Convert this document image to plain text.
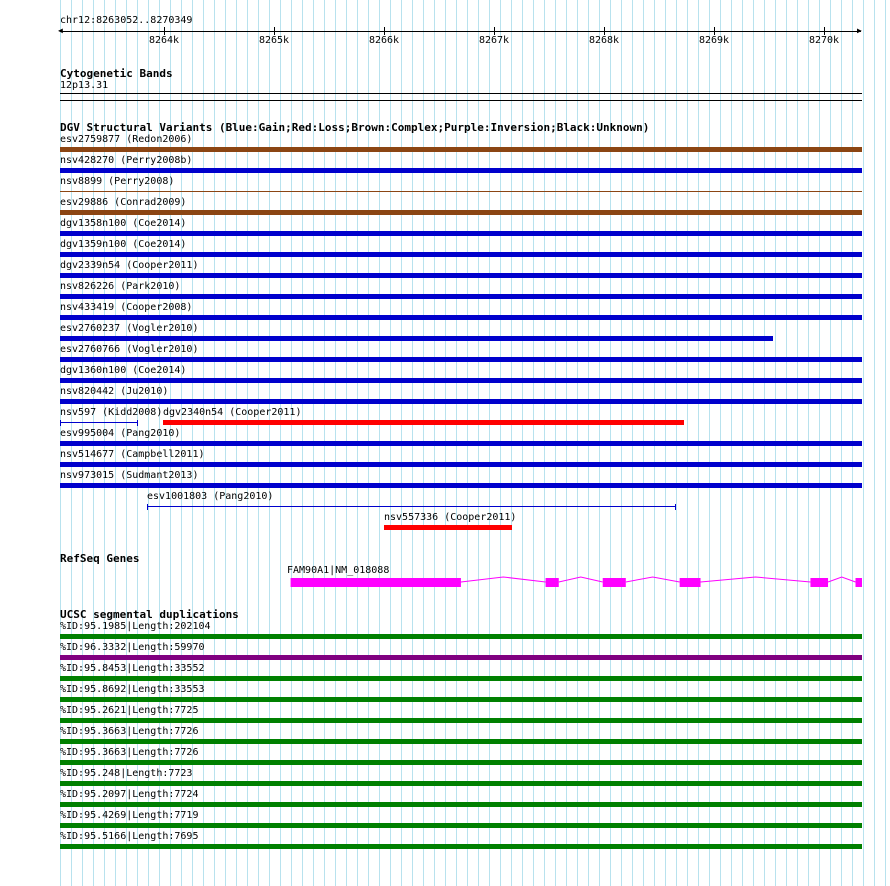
chr12:8263052..8270349
◀	▶
8264k	8265k	8266k	8267k	8268k	8269k	8270k
Cytogenetic Bands
12p13.31
DGV Structural Variants (Blue:Gain;Red:Loss;Brown:Complex;Purple:Inversion;Black:Unknown)
esv2759877 (Redon2006)
nsv428270 (Perry2008b)
nsv8899 (Perry2008)
esv29886 (Conrad2009)
dgv1358n100 (Coe2014)
dgv1359n100 (Coe2014)
dgv2339n54 (Cooper2011)
nsv826226 (Park2010)
nsv433419 (Cooper2008)
esv2760237 (Vogler2010)
esv2760766 (Vogler2010)
dgv1360n100 (Coe2014)
nsv820442 (Ju2010)
nsv597 (Kidd2008) dgv2340n54 (Cooper2011)
esv995004 (Pang2010)
nsv514677 (Campbell2011)
nsv973015 (Sudmant2013)
esv1001803 (Pang2010)
nsv557336 (Cooper2011)
RefSeq Genes
FAM90A1|NM_018088
UCSC segmental duplications
%ID:95.1985|Length:202104
%ID:96.3332|Length:59970
%ID:95.8453|Length:33552
%ID:95.8692|Length:33553
%ID:95.2621|Length:7725
%ID:95.3663|Length:7726
%ID:95.3663|Length:7726
%ID:95.248|Length:7723
%ID:95.2097|Length:7724
%ID:95.4269|Length:7719
%ID:95.5166|Length:7695
